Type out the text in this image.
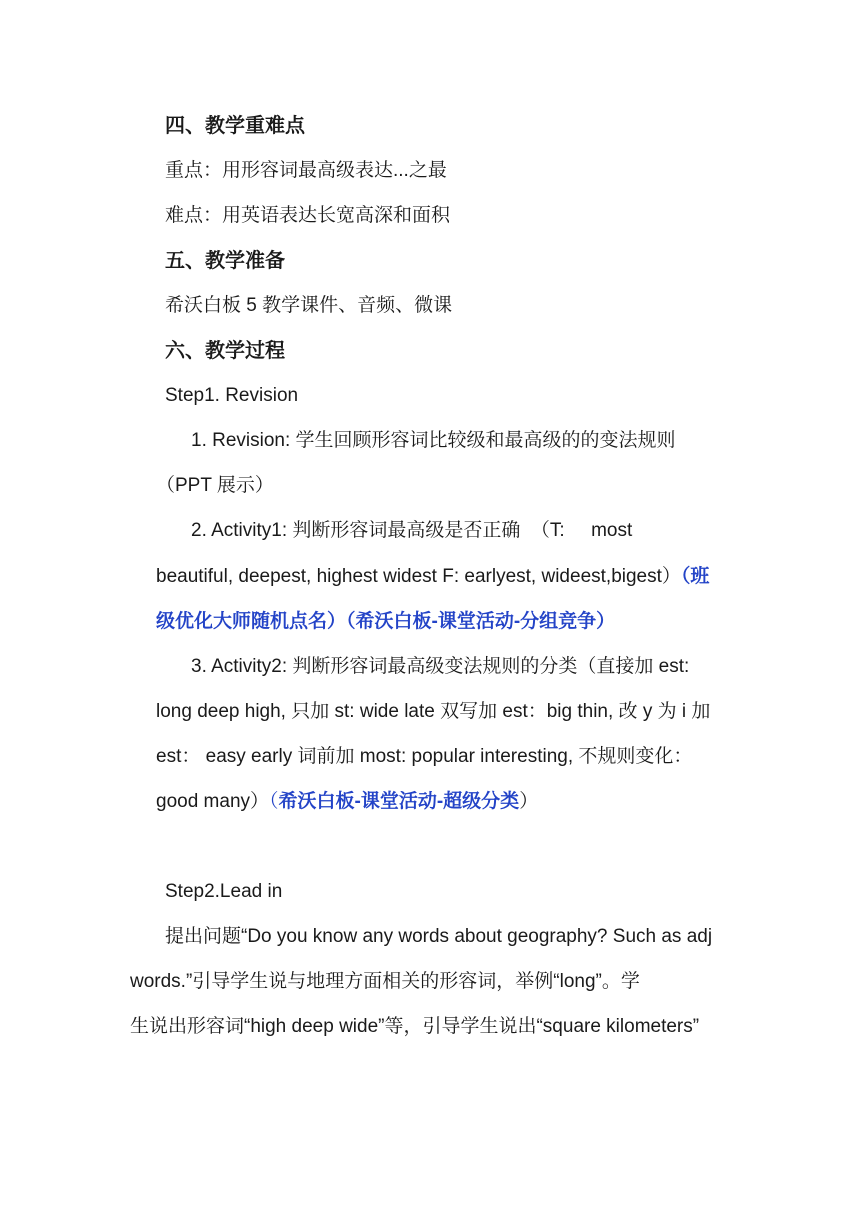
四、教学重难点
重点：用形容词最高级表达...之最
难点：用英语表达长宽高深和面积
五、教学准备
希沃白板 5 教学课件、音频、微课
六、教学过程
Step1. Revision
1. Revision: 学生回顾形容词比较级和最高级的的变法规则
（PPT 展示）
2. Activity1: 判断形容词最高级是否正确  （T:     most
beautiful, deepest, highest widest F: earlyest, wideest,bigest）（班
级优化大师随机点名）（希沃白板-课堂活动-分组竞争）
3. Activity2: 判断形容词最高级变法规则的分类（直接加 est:
long deep high, 只加 st: wide late 双写加 est：big thin, 改 y 为 i 加
est： easy early 词前加 most: popular interesting, 不规则变化：
good many）（希沃白板-课堂活动-超级分类）
Step2.Lead in
提出问题“Do you know any words about geography? Such as adj
words.”引导学生说与地理方面相关的形容词，举例“long”。学
生说出形容词“high deep wide”等，引导学生说出“square kilometers”
